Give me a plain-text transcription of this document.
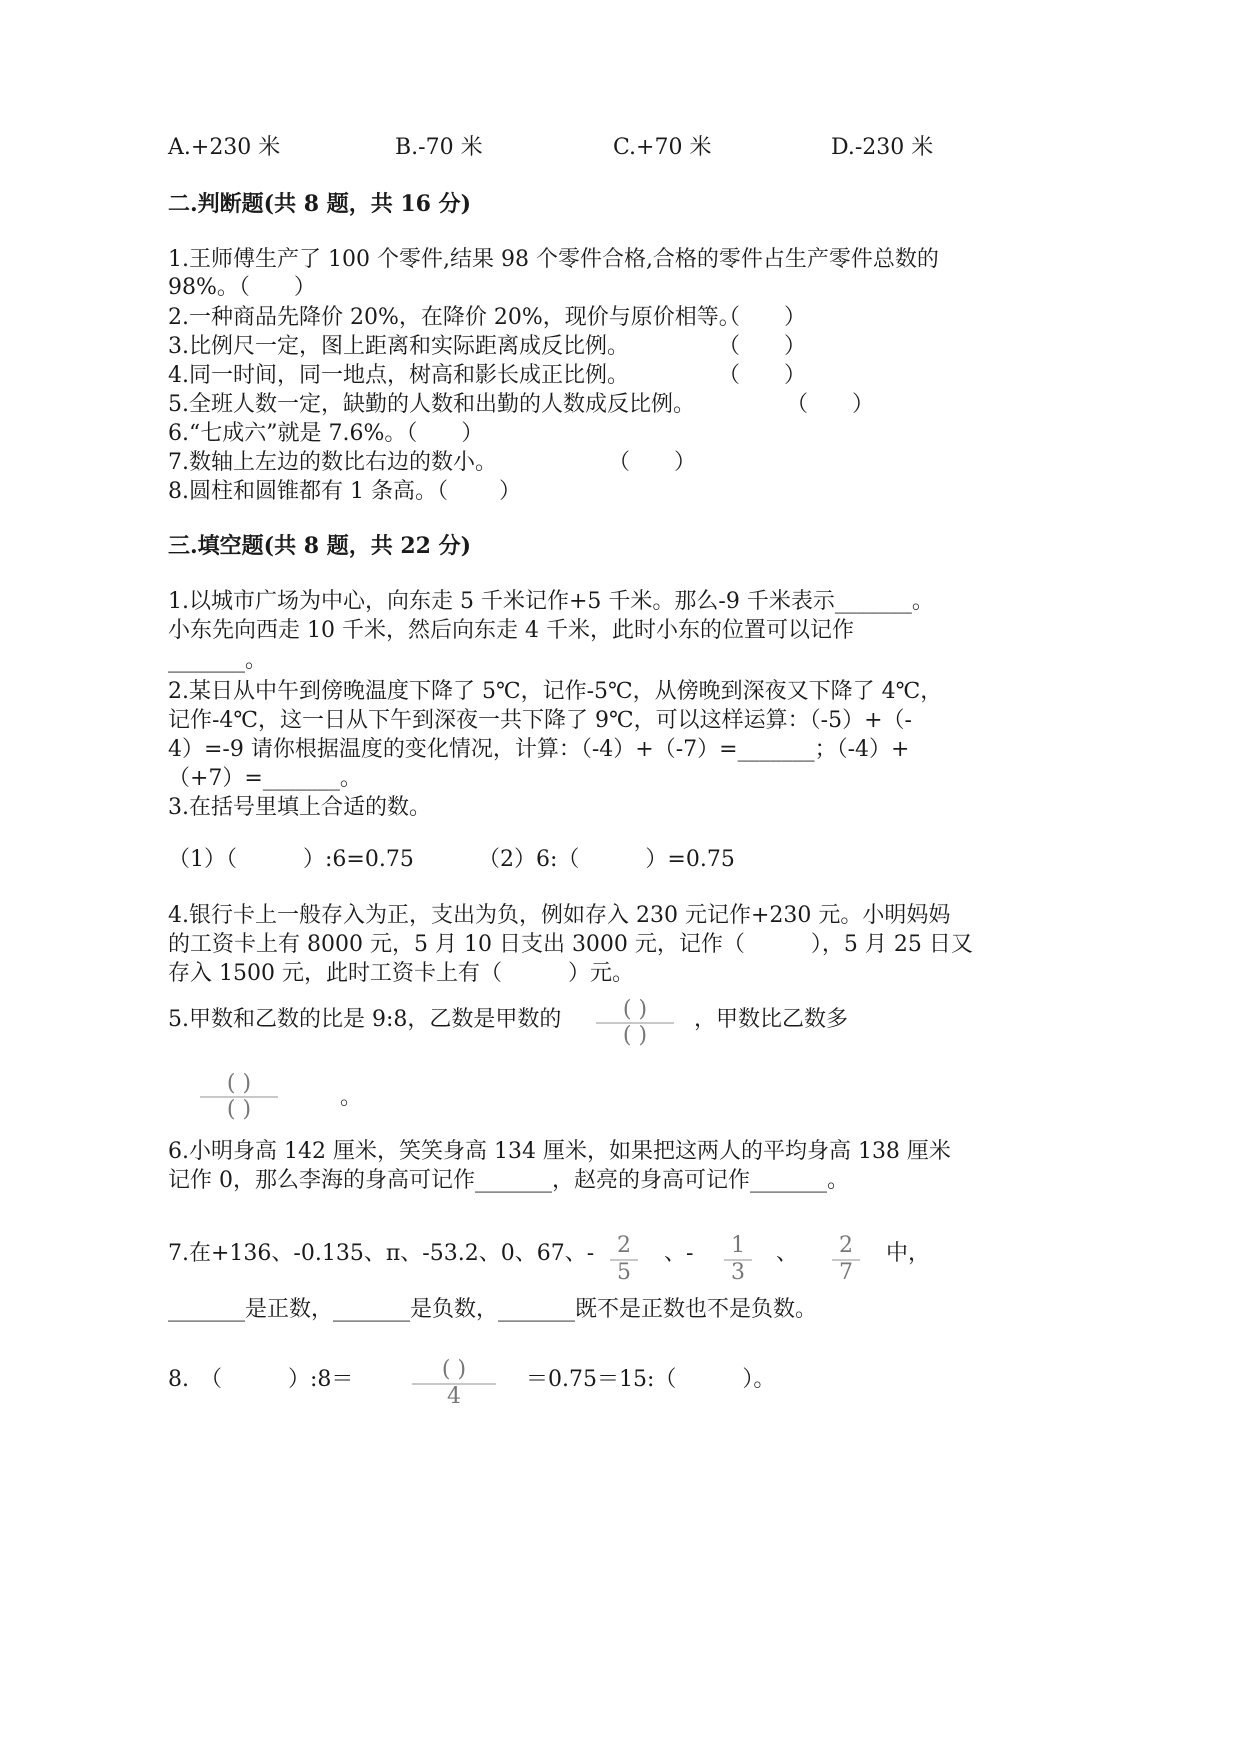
A.+230 米	B.-70 米	C.+70 米	D.-230 米
二.判断题(共 8 题，共 16 分)
1.王师傅生产了 100 个零件,结果 98 个零件合格,合格的零件占生产零件总数的
98%。（　　）
2.一种商品先降价 20%，在降价 20%，现价与原价相等。
（　　）
3.比例尺一定，图上距离和实际距离成反比例。	（　　）
4.同一时间，同一地点，树高和影长成正比例。	（　　）
5.全班人数一定，缺勤的人数和出勤的人数成反比例。	（　　）
6.“七成六”就是 7.6%。（　　）
7.数轴上左边的数比右边的数小。	（　　）
8.圆柱和圆锥都有 1 条高。（　　 ）
三.填空题(共 8 题，共 22 分)
1.以城市广场为中心，向东走 5 千米记作+5 千米。那么-9 千米表示_______。
小东先向西走 10 千米，然后向东走 4 千米，此时小东的位置可以记作
_______。
2.某日从中午到傍晚温度下降了 5℃，记作-5℃，从傍晚到深夜又下降了 4℃，
记作-4℃，这一日从下午到深夜一共下降了 9℃，可以这样运算：（-5）+（-
4）=-9 请你根据温度的变化情况，计算：（-4）+（-7）=_______；（-4）+
（+7）=_______。
3.在括号里填上合适的数。
（1）（　　　）:6=0.75	（2）6:（　　　）=0.75
4.银行卡上一般存入为正，支出为负，例如存入 230 元记作+230 元。小明妈妈
的工资卡上有 8000 元，5 月 10 日支出 3000 元，记作（　　　），5 月 25 日又
存入 1500 元，此时工资卡上有（　　　）元。
5.甲数和乙数的比是 9:8，乙数是甲数的	( )
( )
，甲数比乙数多
( )
( )	。
6.小明身高 142 厘米，笑笑身高 134 厘米，如果把这两人的平均身高 138 厘米
记作 0，那么李海的身高可记作_______，赵亮的身高可记作_______。
7.在+136、-0.135、π、-53.2、0、67、-	2
5
、-	1
3
、	2
7
中，
_______是正数，_______是负数，_______既不是正数也不是负数。
8.　（　　　）:8＝	( )
4
＝0.75＝15:（　　　）。
